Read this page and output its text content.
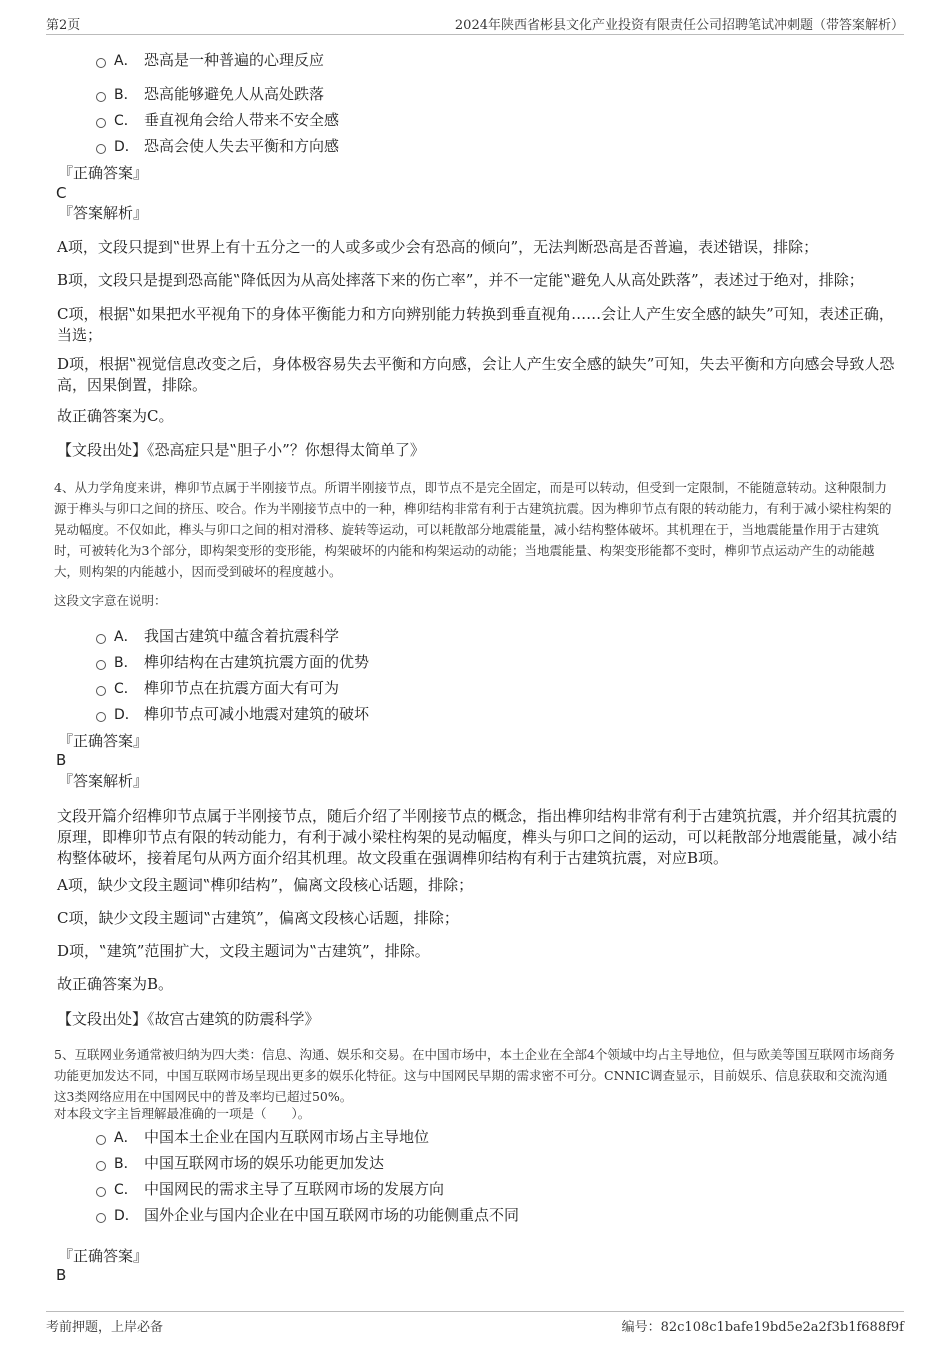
第2页	2024年陕西省彬县文化产业投资有限责任公司招聘笔试冲刺题（带答案解析）
A． 恐高是一种普遍的心理反应
B． 恐高能够避免人从高处跌落
C． 垂直视角会给人带来不安全感
D． 恐高会使人失去平衡和方向感
『正确答案』
C
『答案解析』
A项，文段只提到‟世界上有十五分之一的人或多或少会有恐高的倾向”，无法判断恐高是否普遍，表述错误，排除；
B项，文段只是提到恐高能‟降低因为从高处摔落下来的伤亡率”，并不一定能‟避免人从高处跌落”，表述过于绝对，排除；
C项，根据‟如果把水平视角下的身体平衡能力和方向辨别能力转换到垂直视角……会让人产生安全感的缺失”可知，表述正确，当选；
D项，根据‟视觉信息改变之后，身体极容易失去平衡和方向感，会让人产生安全感的缺失”可知，失去平衡和方向感会导致人恐高，因果倒置，排除。
故正确答案为C。
【文段出处】《恐高症只是‟胆子小”？你想得太简单了》
4、从力学角度来讲，榫卯节点属于半刚接节点。所谓半刚接节点，即节点不是完全固定，而是可以转动，但受到一定限制，不能随意转动。这种限制力源于榫头与卯口之间的挤压、咬合。作为半刚接节点中的一种，榫卯结构非常有利于古建筑抗震。因为榫卯节点有限的转动能力，有利于减小梁柱构架的晃动幅度。不仅如此，榫头与卯口之间的相对滑移、旋转等运动，可以耗散部分地震能量，减小结构整体破坏。其机理在于，当地震能量作用于古建筑时，可被转化为3个部分，即构架变形的变形能，构架破坏的内能和构架运动的动能；当地震能量、构架变形能都不变时，榫卯节点运动产生的动能越大，则构架的内能越小，因而受到破坏的程度越小。
这段文字意在说明：
A． 我国古建筑中蕴含着抗震科学
B． 榫卯结构在古建筑抗震方面的优势
C． 榫卯节点在抗震方面大有可为
D． 榫卯节点可减小地震对建筑的破坏
『正确答案』
B
『答案解析』
文段开篇介绍榫卯节点属于半刚接节点，随后介绍了半刚接节点的概念，指出榫卯结构非常有利于古建筑抗震，并介绍其抗震的原理，即榫卯节点有限的转动能力，有利于减小梁柱构架的晃动幅度，榫头与卯口之间的运动，可以耗散部分地震能量，减小结构整体破坏，接着尾句从两方面介绍其机理。故文段重在强调榫卯结构有利于古建筑抗震，对应B项。
A项，缺少文段主题词‟榫卯结构”，偏离文段核心话题，排除；
C项，缺少文段主题词‟古建筑”，偏离文段核心话题，排除；
D项，‟建筑”范围扩大，文段主题词为‟古建筑”，排除。
故正确答案为B。
【文段出处】《故宫古建筑的防震科学》
5、互联网业务通常被归纳为四大类：信息、沟通、娱乐和交易。在中国市场中，本土企业在全部4个领域中均占主导地位，但与欧美等国互联网市场商务功能更加发达不同，中国互联网市场呈现出更多的娱乐化特征。这与中国网民早期的需求密不可分。CNNIC调查显示，目前娱乐、信息获取和交流沟通这3类网络应用在中国网民中的普及率均已超过50%。
对本段文字主旨理解最准确的一项是（　　）。
A． 中国本土企业在国内互联网市场占主导地位
B． 中国互联网市场的娱乐功能更加发达
C． 中国网民的需求主导了互联网市场的发展方向
D． 国外企业与国内企业在中国互联网市场的功能侧重点不同
『正确答案』
B
考前押题，上岸必备	编号：82c108c1bafe19bd5e2a2f3b1f688f9f
